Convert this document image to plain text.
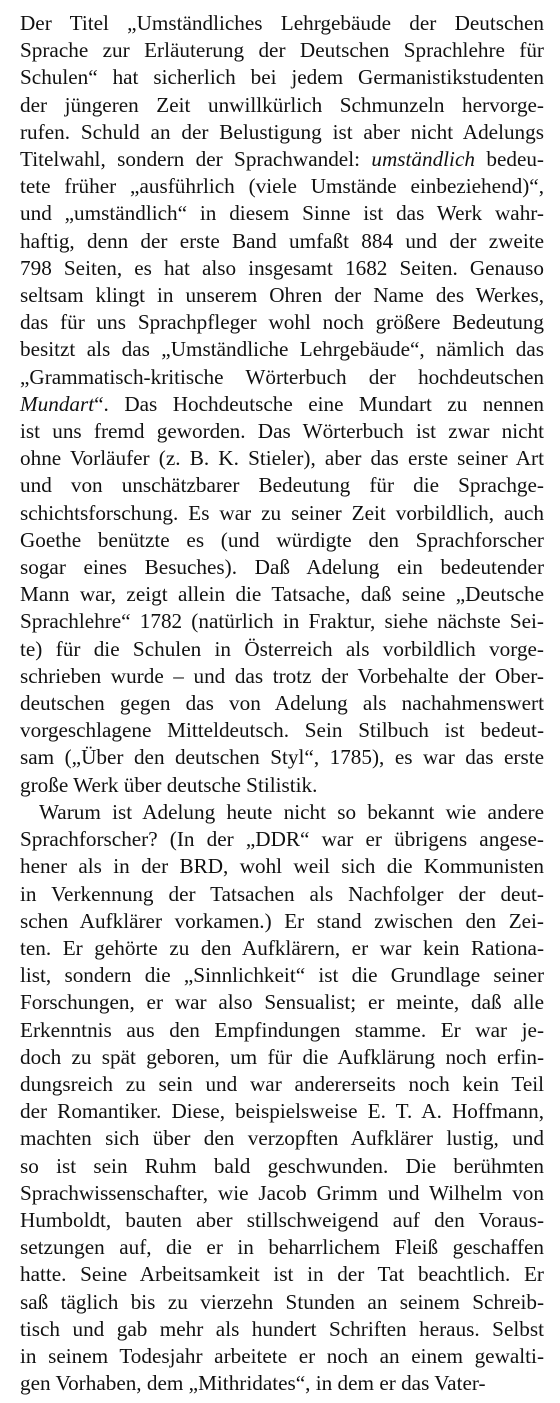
Der Titel „Umständliches Lehrgebäude der Deutschen
Sprache zur Erläuterung der Deutschen Sprachlehre für
Schulen“ hat sicherlich bei jedem Germanistikstudenten
der jüngeren Zeit unwillkürlich Schmunzeln hervorge-
rufen. Schuld an der Belustigung ist aber nicht Adelungs
Titelwahl, sondern der Sprachwandel: umständlich bedeu-
tete früher „ausführlich (viele Umstände einbeziehend)“,
und „umständlich“ in diesem Sinne ist das Werk wahr-
haftig, denn der erste Band umfaßt 884 und der zweite
798 Seiten, es hat also insgesamt 1682 Seiten. Genauso
seltsam klingt in unserem Ohren der Name des Werkes,
das für uns Sprachpfleger wohl noch größere Bedeutung
besitzt als das „Umständliche Lehrgebäude“, nämlich das
„Grammatisch-kritische Wörterbuch der hochdeutschen
Mundart“. Das Hochdeutsche eine Mundart zu nennen
ist uns fremd geworden. Das Wörterbuch ist zwar nicht
ohne Vorläufer (z. B. K. Stieler), aber das erste seiner Art
und von unschätzbarer Bedeutung für die Sprachge-
schichtsforschung. Es war zu seiner Zeit vorbildlich, auch
Goethe benützte es (und würdigte den Sprachforscher
sogar eines Besuches). Daß Adelung ein bedeutender
Mann war, zeigt allein die Tatsache, daß seine „Deutsche
Sprachlehre“ 1782 (natürlich in Fraktur, siehe nächste Sei-
te) für die Schulen in Österreich als vorbildlich vorge-
schrieben wurde – und das trotz der Vorbehalte der Ober-
deutschen gegen das von Adelung als nachahmenswert
vorgeschlagene Mitteldeutsch. Sein Stilbuch ist bedeut-
sam („Über den deutschen Styl“, 1785), es war das erste
große Werk über deutsche Stilistik.
Warum ist Adelung heute nicht so bekannt wie andere
Sprachforscher? (In der „DDR“ war er übrigens angese-
hener als in der BRD, wohl weil sich die Kommunisten
in Verkennung der Tatsachen als Nachfolger der deut-
schen Aufklärer vorkamen.) Er stand zwischen den Zei-
ten. Er gehörte zu den Aufklärern, er war kein Rationa-
list, sondern die „Sinnlichkeit“ ist die Grundlage seiner
Forschungen, er war also Sensualist; er meinte, daß alle
Erkenntnis aus den Empfindungen stamme. Er war je-
doch zu spät geboren, um für die Aufklärung noch erfin-
dungsreich zu sein und war andererseits noch kein Teil
der Romantiker. Diese, beispielsweise E. T. A. Hoffmann,
machten sich über den verzopften Aufklärer lustig, und
so ist sein Ruhm bald geschwunden. Die berühmten
Sprachwissenschafter, wie Jacob Grimm und Wilhelm von
Humboldt, bauten aber stillschweigend auf den Voraus-
setzungen auf, die er in beharrlichem Fleiß geschaffen
hatte. Seine Arbeitsamkeit ist in der Tat beachtlich. Er
saß täglich bis zu vierzehn Stunden an seinem Schreib-
tisch und gab mehr als hundert Schriften heraus. Selbst
in seinem Todesjahr arbeitete er noch an einem gewalti-
gen Vorhaben, dem „Mithridates“, in dem er das Vater-
